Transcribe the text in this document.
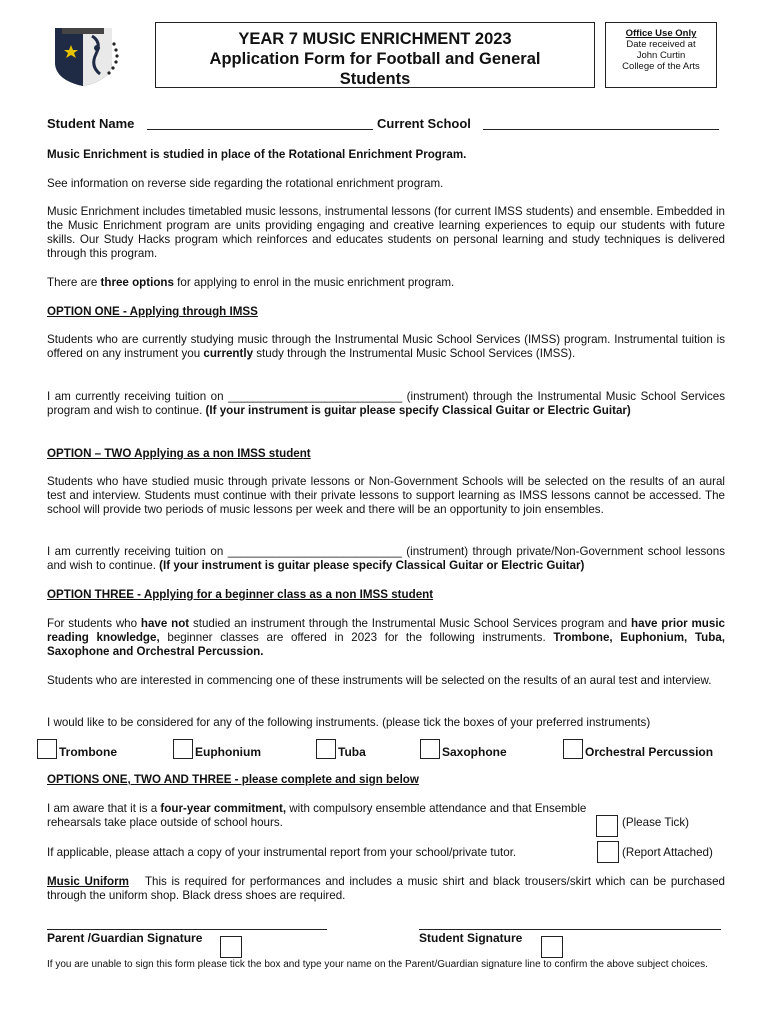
YEAR 7 MUSIC ENRICHMENT 2023
Application Form for Football and General
Students
Office Use Only
Date received at
John Curtin
College of the Arts
Student Name	Current School

Music Enrichment is studied in place of the Rotational Enrichment Program.

See information on reverse side regarding the rotational enrichment program.

Music Enrichment includes timetabled music lessons, instrumental lessons (for current IMSS students) and ensemble. Embedded in the Music Enrichment program are units providing engaging and creative learning experiences to equip our students with future skills. Our Study Hacks program which reinforces and educates students on personal learning and study techniques is delivered through this program.

There are three options for applying to enrol in the music enrichment program.

OPTION ONE - Applying through IMSS

Students who are currently studying music through the Instrumental Music School Services (IMSS) program. Instrumental tuition is offered on any instrument you currently study through the Instrumental Music School Services (IMSS).

I am currently receiving tuition on ___________________________ (instrument) through the Instrumental Music School Services program and wish to continue. (If your instrument is guitar please specify Classical Guitar or Electric Guitar)

OPTION – TWO Applying as a non IMSS student

Students who have studied music through private lessons or Non-Government Schools will be selected on the results of an aural test and interview. Students must continue with their private lessons to support learning as IMSS lessons cannot be accessed. The school will provide two periods of music lessons per week and there will be an opportunity to join ensembles.

I am currently receiving tuition on ___________________________ (instrument) through private/Non-Government school lessons and wish to continue. (If your instrument is guitar please specify Classical Guitar or Electric Guitar)

OPTION THREE - Applying for a beginner class as a non IMSS student

For students who have not studied an instrument through the Instrumental Music School Services program and have prior music reading knowledge, beginner classes are offered in 2023 for the following instruments. Trombone, Euphonium, Tuba, Saxophone and Orchestral Percussion.

Students who are interested in commencing one of these instruments will be selected on the results of an aural test and interview.

I would like to be considered for any of the following instruments. (please tick the boxes of your preferred instruments)

Trombone	Euphonium	Tuba	Saxophone	Orchestral Percussion
OPTIONS ONE, TWO AND THREE - please complete and sign below

I am aware that it is a four-year commitment, with compulsory ensemble attendance and that Ensemble rehearsals take place outside of school hours.	(Please Tick)

If applicable, please attach a copy of your instrumental report from your school/private tutor.	(Report Attached)

Music Uniform This is required for performances and includes a music shirt and black trousers/skirt which can be purchased through the uniform shop. Black dress shoes are required.

Parent /Guardian Signature	Student Signature

If you are unable to sign this form please tick the box and type your name on the Parent/Guardian signature line to confirm the above subject choices.
